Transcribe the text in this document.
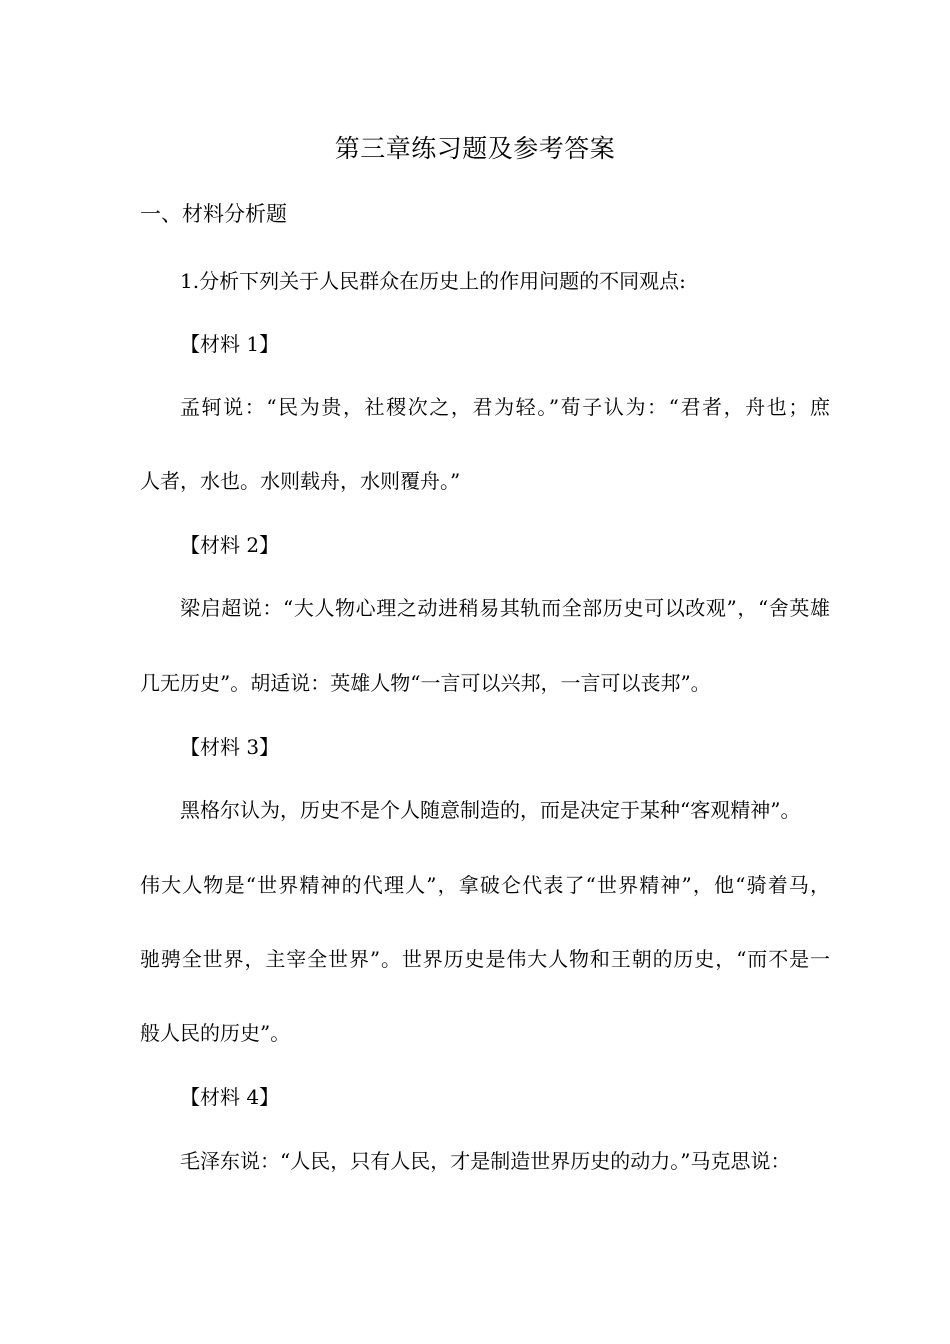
第三章练习题及参考答案
一、材料分析题
1.分析下列关于人民群众在历史上的作用问题的不同观点:
【材料 1】
孟轲说：“民为贵，社稷次之，君为轻。”荀子认为：“君者，舟也；庶
人者，水也。水则载舟，水则覆舟。”
【材料 2】
梁启超说：“大人物心理之动进稍易其轨而全部历史可以改观”，“舍英雄
几无历史”。胡适说：英雄人物“一言可以兴邦，一言可以丧邦”。
【材料 3】
黑格尔认为，历史不是个人随意制造的，而是决定于某种“客观精神”。
伟大人物是“世界精神的代理人”，拿破仑代表了“世界精神”，他“骑着马，
驰骋全世界，主宰全世界”。世界历史是伟大人物和王朝的历史，“而不是一
般人民的历史”。
【材料 4】
毛泽东说：“人民，只有人民，才是制造世界历史的动力。”马克思说：
